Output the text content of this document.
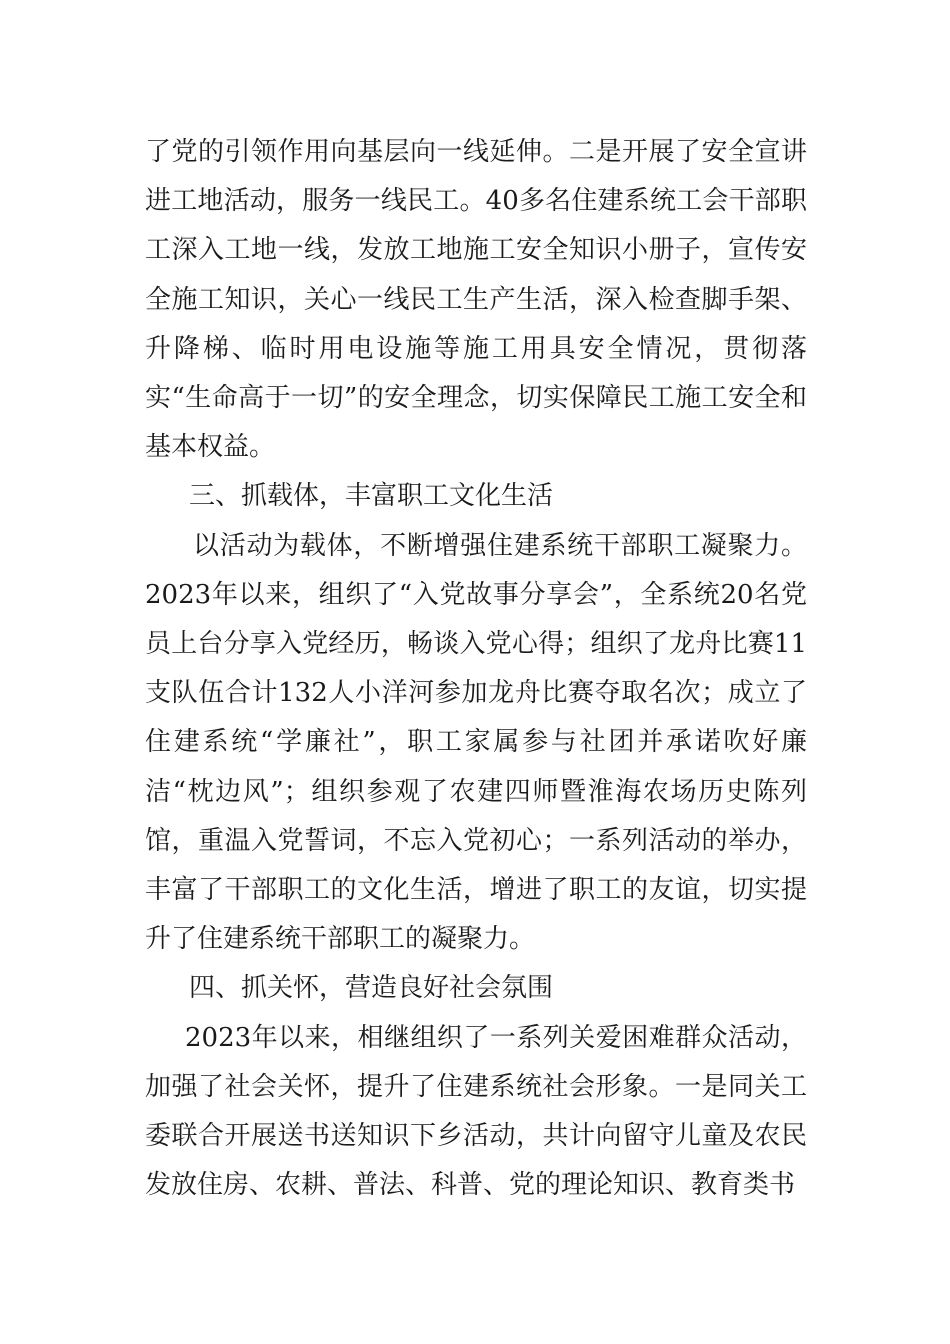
了党的引领作用向基层向一线延伸。二是开展了安全宣讲进工地活动，服务一线民工。40多名住建系统工会干部职工深入工地一线，发放工地施工安全知识小册子，宣传安全施工知识，关心一线民工生产生活，深入检查脚手架、升降梯、临时用电设施等施工用具安全情况，贯彻落实“生命高于一切”的安全理念，切实保障民工施工安全和基本权益。

三、抓载体，丰富职工文化生活

以活动为载体，不断增强住建系统干部职工凝聚力。2023年以来，组织了“入党故事分享会”，全系统20名党员上台分享入党经历，畅谈入党心得；组织了龙舟比赛11支队伍合计132人小洋河参加龙舟比赛夺取名次；成立了住建系统“学廉社”，职工家属参与社团并承诺吹好廉洁“枕边风”；组织参观了农建四师暨淮海农场历史陈列馆，重温入党誓词，不忘入党初心；一系列活动的举办，丰富了干部职工的文化生活，增进了职工的友谊，切实提升了住建系统干部职工的凝聚力。

四、抓关怀，营造良好社会氛围

2023年以来，相继组织了一系列关爱困难群众活动，加强了社会关怀，提升了住建系统社会形象。一是同关工委联合开展送书送知识下乡活动，共计向留守儿童及农民发放住房、农耕、普法、科普、党的理论知识、教育类书
